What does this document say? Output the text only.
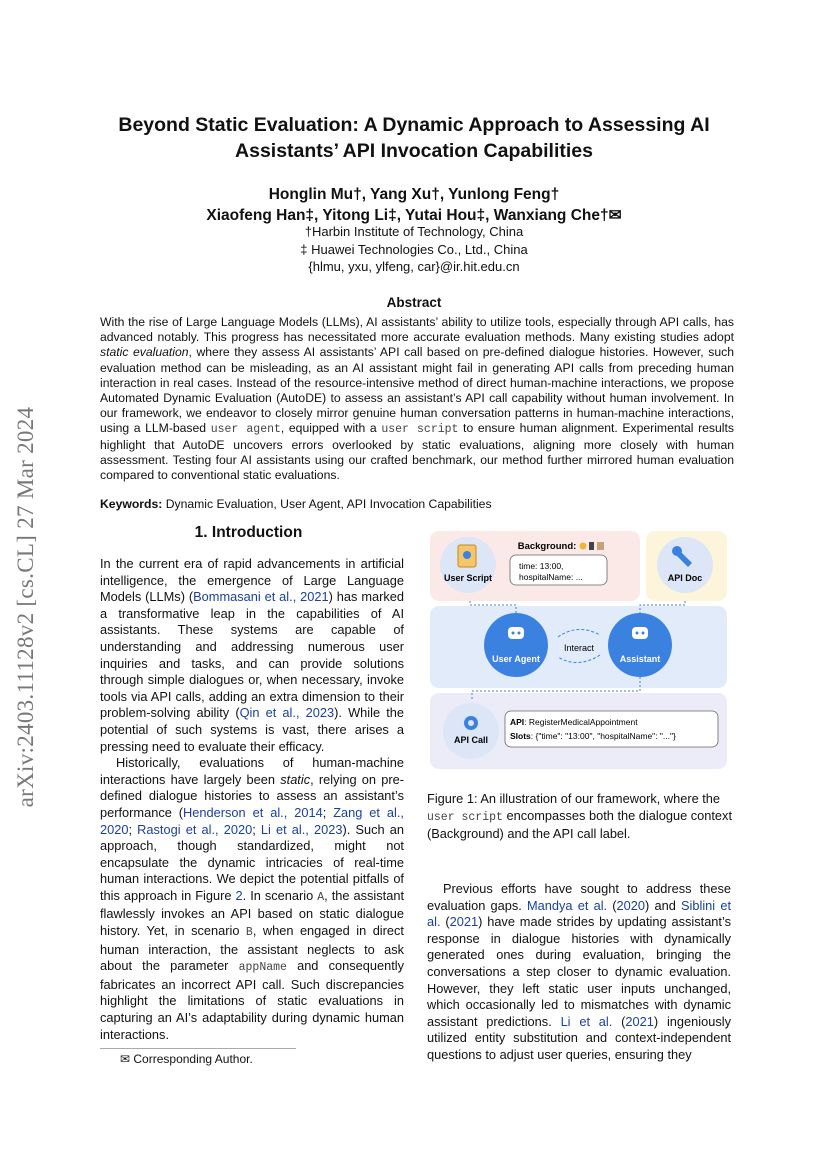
arXiv:2403.11128v2 [cs.CL] 27 Mar 2024
Beyond Static Evaluation: A Dynamic Approach to Assessing AI
Assistants’ API Invocation Capabilities
Honglin Mu†, Yang Xu†, Yunlong Feng†
Xiaofeng Han‡, Yitong Li‡, Yutai Hou‡, Wanxiang Che†✉
†Harbin Institute of Technology, China
‡ Huawei Technologies Co., Ltd., China
{hlmu, yxu, ylfeng, car}@ir.hit.edu.cn
Abstract
With the rise of Large Language Models (LLMs), AI assistants’ ability to utilize tools, especially through API calls, has advanced notably. This progress has necessitated more accurate evaluation methods. Many existing studies adopt static evaluation, where they assess AI assistants’ API call based on pre-defined dialogue histories. However, such evaluation method can be misleading, as an AI assistant might fail in generating API calls from preceding human interaction in real cases. Instead of the resource-intensive method of direct human-machine interactions, we propose Automated Dynamic Evaluation (AutoDE) to assess an assistant’s API call capability without human involvement. In our framework, we endeavor to closely mirror genuine human conversation patterns in human-machine interactions, using a LLM-based user agent, equipped with a user script to ensure human alignment. Experimental results highlight that AutoDE uncovers errors overlooked by static evaluations, aligning more closely with human assessment. Testing four AI assistants using our crafted benchmark, our method further mirrored human evaluation compared to conventional static evaluations.
Keywords: Dynamic Evaluation, User Agent, API Invocation Capabilities
1. Introduction

In the current era of rapid advancements in artificial intelligence, the emergence of Large Language Models (LLMs) (Bommasani et al., 2021) has marked a transformative leap in the capabilities of AI assistants. These systems are capable of understanding and addressing numerous user inquiries and tasks, and can provide solutions through simple dialogues or, when necessary, invoke tools via API calls, adding an extra dimension to their problem-solving ability (Qin et al., 2023). While the potential of such systems is vast, there arises a pressing need to evaluate their efficacy.

Historically, evaluations of human-machine interactions have largely been static, relying on pre-defined dialogue histories to assess an assistant’s performance (Henderson et al., 2014; Zang et al., 2020; Rastogi et al., 2020; Li et al., 2023). Such an approach, though standardized, might not encapsulate the dynamic intricacies of real-time human interactions. We depict the potential pitfalls of this approach in Figure 2. In scenario A, the assistant flawlessly invokes an API based on static dialogue history. Yet, in scenario B, when engaged in direct human interaction, the assistant neglects to ask about the parameter appName and consequently fabricates an incorrect API call. Such discrepancies highlight the limitations of static evaluations in capturing an AI’s adaptability during dynamic human interactions.

✉ Corresponding Author.
User Script
Background:
time: 13:00,
hospitalName: ...	API Doc
User Agent	Assistant
Interact
API Call
API: RegisterMedicalAppointment
Slots: {"time": "13:00", "hospitalName": "..."}
Figure 1: An illustration of our framework, where the user script encompasses both the dialogue context (Background) and the API call label.

Previous efforts have sought to address these evaluation gaps. Mandya et al. (2020) and Siblini et al. (2021) have made strides by updating assistant’s response in dialogue histories with dynamically generated ones during evaluation, bringing the conversations a step closer to dynamic evaluation. However, they left static user inputs unchanged, which occasionally led to mismatches with dynamic assistant predictions. Li et al. (2021) ingeniously utilized entity substitution and context-independent questions to adjust user queries, ensuring they
